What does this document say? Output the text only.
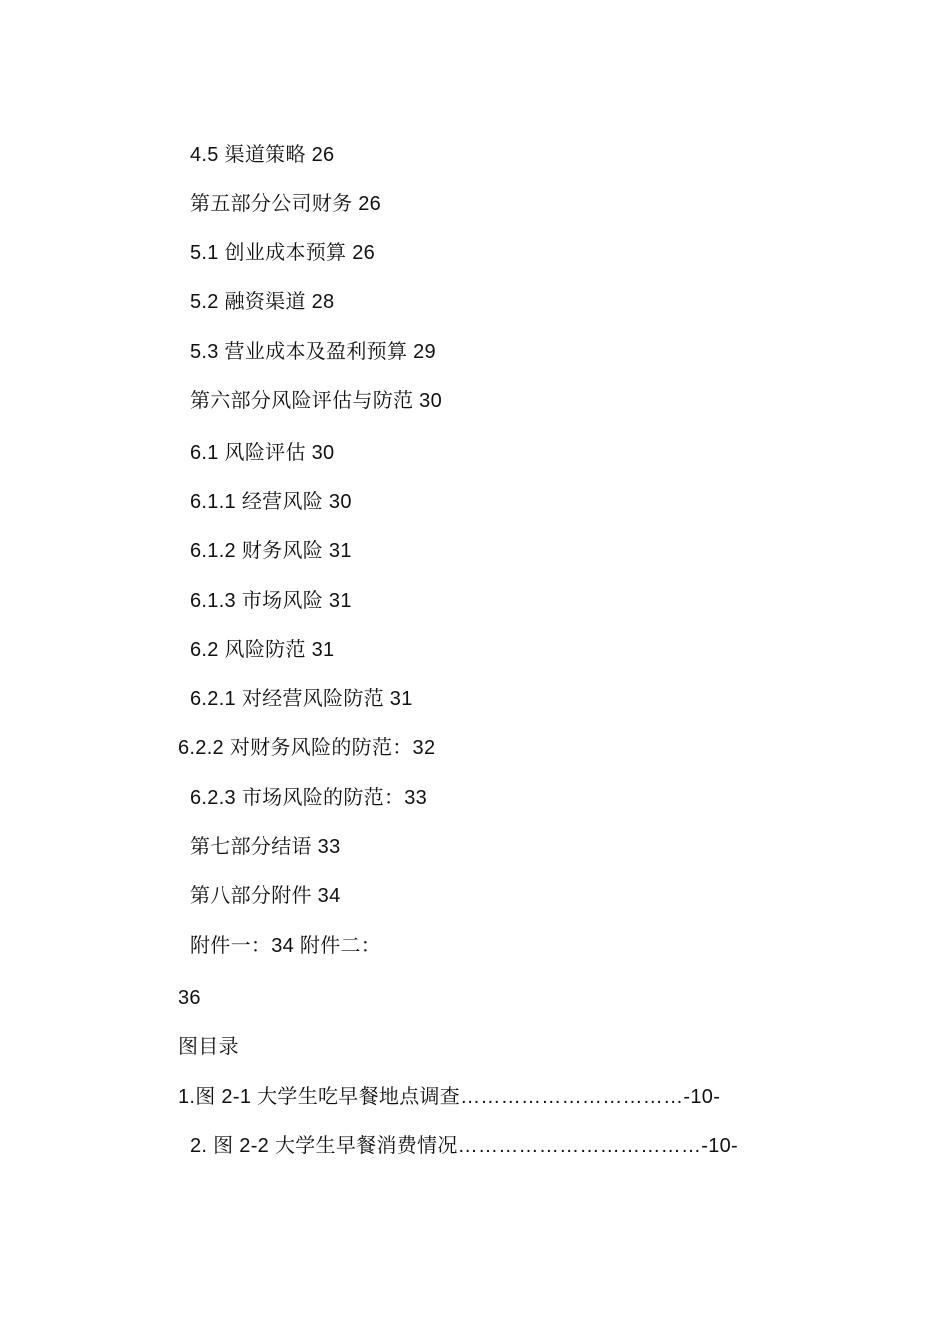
4.5 渠道策略 26
第五部分公司财务 26
5.1 创业成本预算 26
5.2 融资渠道 28
5.3 营业成本及盈利预算 29
第六部分风险评估与防范 30
6.1 风险评估 30
6.1.1 经营风险 30
6.1.2 财务风险 31
6.1.3 市场风险 31
6.2 风险防范 31
6.2.1 对经营风险防范 31
6.2.2 对财务风险的防范：32
6.2.3 市场风险的防范：33
第七部分结语 33
第八部分附件 34
附件一：34 附件二：
36
图目录
1.图 2-1 大学生吃早餐地点调查……………………………-10-
2. 图 2-2 大学生早餐消费情况………………………………-10-
